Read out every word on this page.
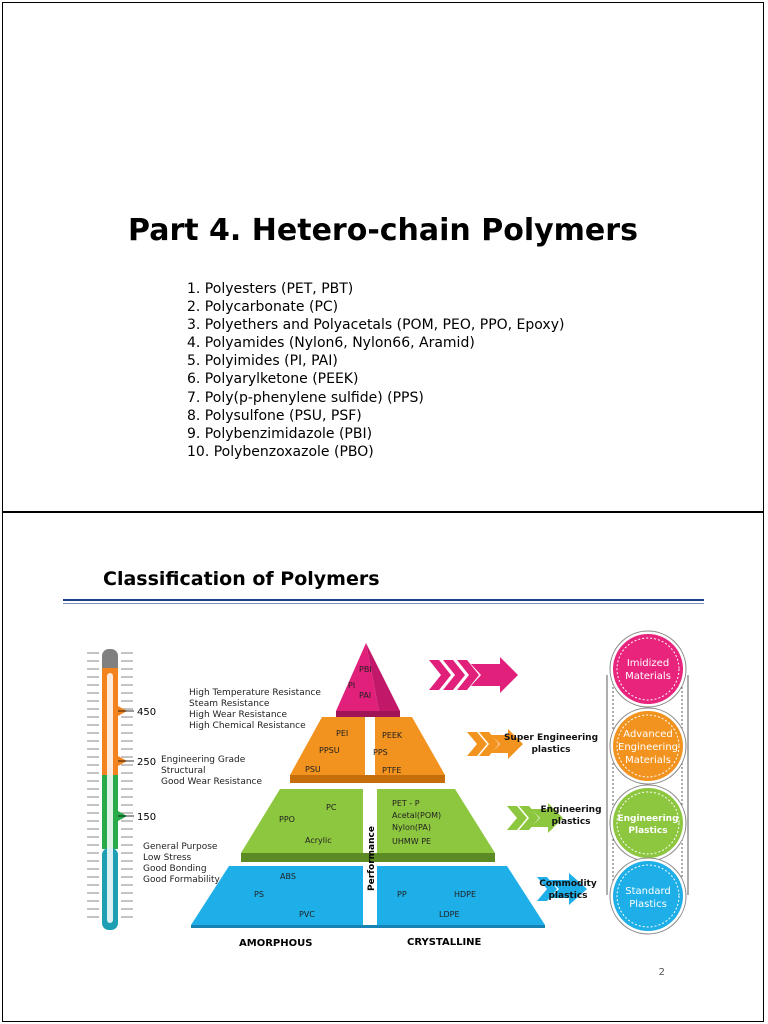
Part 4. Hetero-chain Polymers
1. Polyesters (PET, PBT)
2. Polycarbonate (PC)
3. Polyethers and Polyacetals (POM, PEO, PPO, Epoxy)
4. Polyamides (Nylon6, Nylon66, Aramid)
5. Polyimides (PI, PAI)
6. Polyarylketone (PEEK)
7. Poly(p-phenylene sulfide) (PPS)
8. Polysulfone (PSU, PSF)
9. Polybenzimidazole (PBI)
10. Polybenzoxazole (PBO)
Classification of Polymers
450
250
150
High Temperature Resistance
Steam Resistance
High Wear Resistance
High Chemical Resistance
Engineering Grade
Structural
Good Wear Resistance
General Purpose
Low Stress
Good Bonding
Good Formability
PBI
PI
PAI
PEI
PPSU
PSU
PEEK
PPS
PTFE
PC
PPO
Acrylic
PET - P
Acetal(POM)
Nylon(PA)
UHMW PE
ABS
PS
PVC
PP	HDPE
LDPE
Performance
AMORPHOUS	CRYSTALLINE
Super Engineering
plastics
Engineering
plastics
Commodity
plastics
Imidized
Materials
Advanced
Engineering
Materials
Engineering
Plastics
Standard
Plastics
2
